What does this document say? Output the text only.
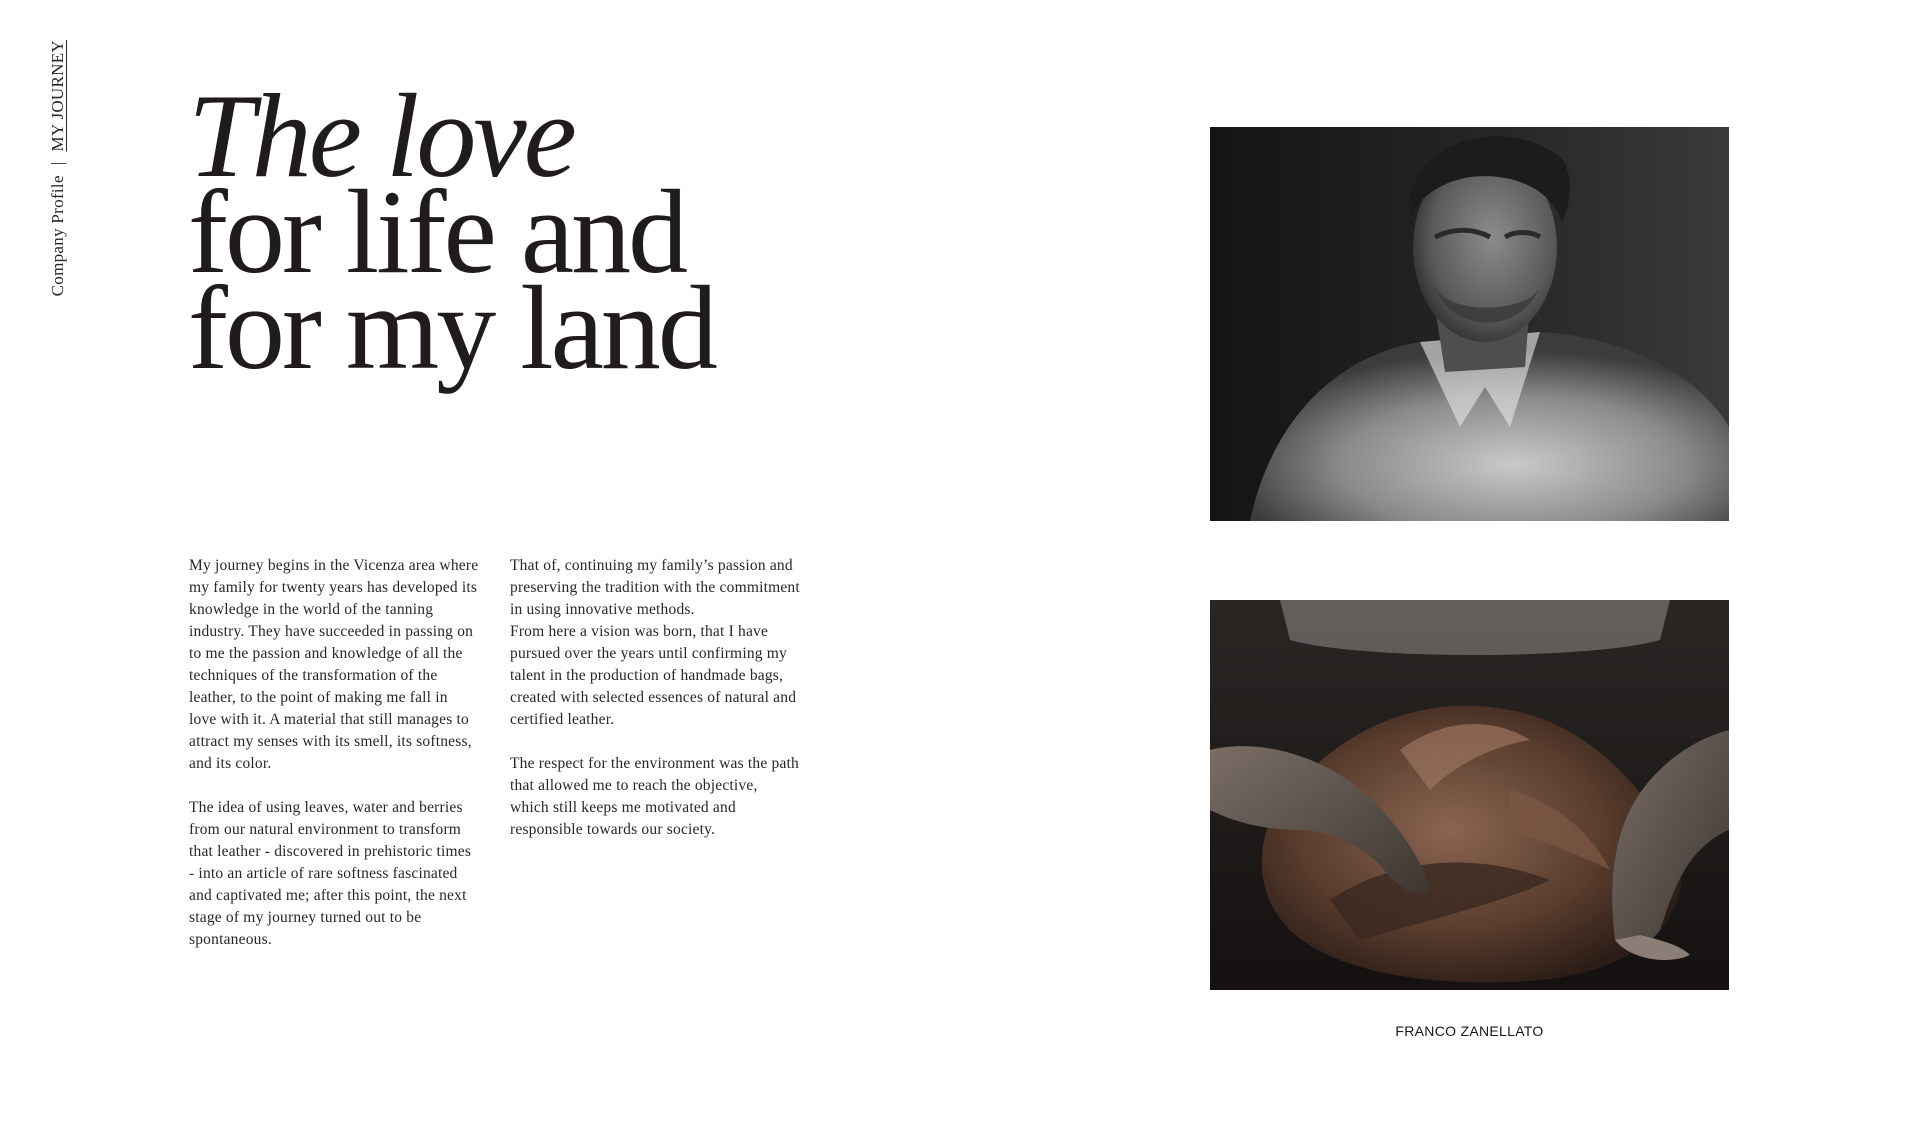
Company Profile
|
MY JOURNEY The love
for life and
for my land

My journey begins in the Vicenza area where my family for twenty years has developed its knowledge in the world of the tanning industry. They have succeeded in passing on to me the passion and knowledge of all the techniques of the transformation of the leather, to the point of making me fall in love with it. A material that still manages to attract my senses with its smell, its softness, and its color.

The idea of using leaves, water and berries from our natural environment to transform that leather - discovered in prehistoric times - into an article of rare softness fascinated and captivated me; after this point, the next stage of my journey turned out to be spontaneous.

That of, continuing my family’s passion and preserving the tradition with the commitment in using innovative methods.

From here a vision was born, that I have pursued over the years until confirming my talent in the production of handmade bags, created with selected essences of natural and certified leather.

The respect for the environment was the path that allowed me to reach the objective, which still keeps me motivated and responsible towards our society.

FRANCO ZANELLATO
